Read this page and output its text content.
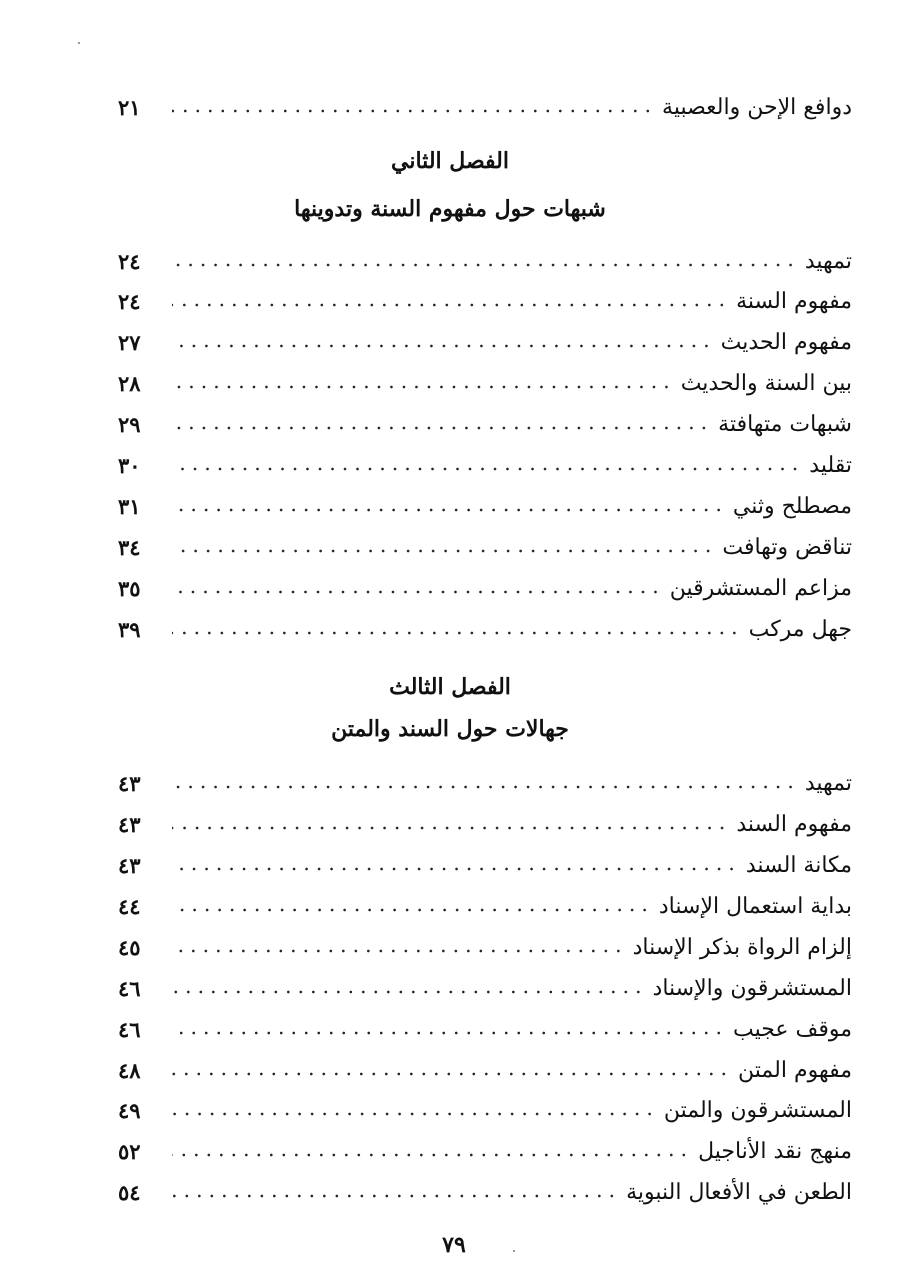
دوافع الإحن والعصبية
٢١
الفصل الثاني
شبهات حول مفهوم السنة وتدوينها
تمهيد
٢٤
مفهوم السنة
٢٤
مفهوم الحديث
٢٧
بين السنة والحديث
٢٨
شبهات متهافتة
٢٩
تقليد
٣٠
مصطلح وثني
٣١
تناقض وتهافت
٣٤
مزاعم المستشرقين
٣٥
جهل مركب
٣٩
الفصل الثالث
جهالات حول السند والمتن
تمهيد
٤٣
مفهوم السند
٤٣
مكانة السند
٤٣
بداية استعمال الإسناد
٤٤
إلزام الرواة بذكر الإسناد
٤٥
المستشرقون والإسناد
٤٦
موقف عجيب
٤٦
مفهوم المتن
٤٨
المستشرقون والمتن
٤٩
منهج نقد الأناجيل
٥٢
الطعن في الأفعال النبوية
٥٤
٧٩
